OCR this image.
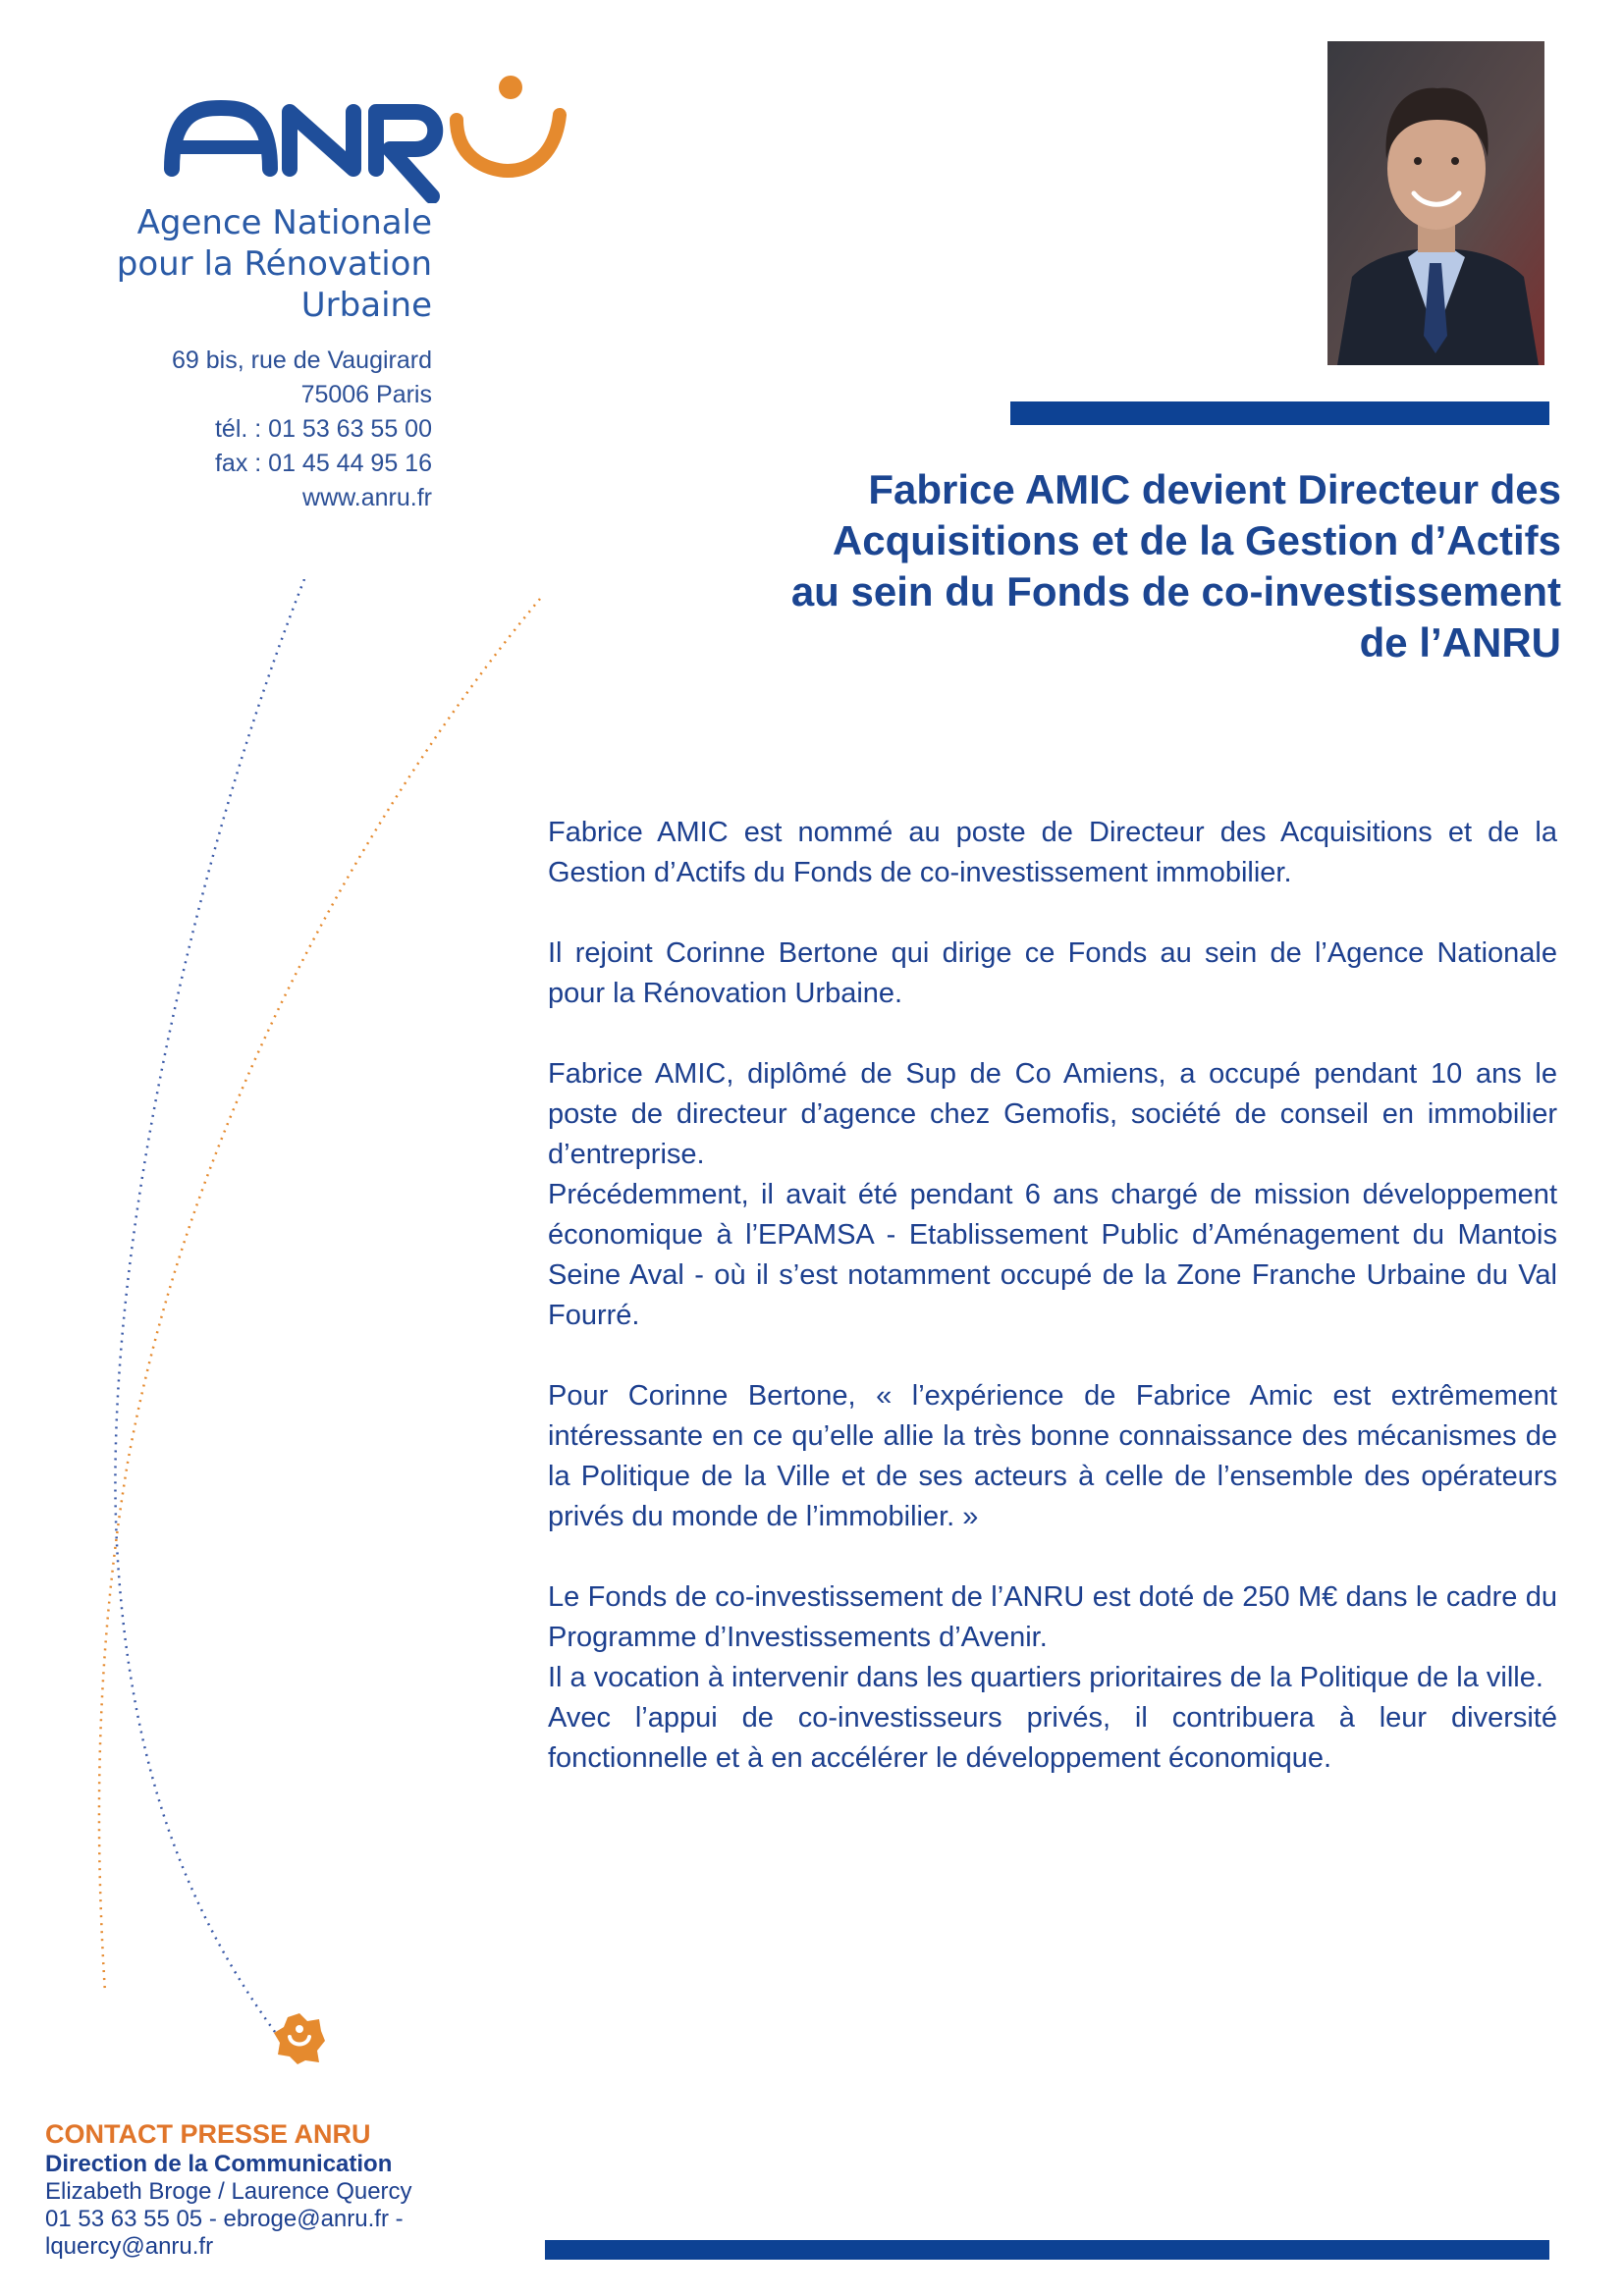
Agence Nationale
pour la Rénovation
Urbaine
69 bis, rue de Vaugirard
75006 Paris
tél. : 01 53 63 55 00
fax : 01 45 44 95 16
www.anru.fr	Fabrice AMIC devient Directeur des
Acquisitions et de la Gestion d’Actifs
au sein du Fonds de co-investissement
de l’ANRU

Fabrice AMIC est nommé au poste de Directeur des Acquisitions et de la Gestion d’Actifs du Fonds de co-investissement immobilier.

Il rejoint Corinne Bertone qui dirige ce Fonds au sein de l’Agence Nationale pour la Rénovation Urbaine.

Fabrice AMIC, diplômé de Sup de Co Amiens, a occupé pendant 10 ans le poste de directeur d’agence chez Gemofis, société de conseil en immobilier d’entreprise.

Précédemment, il avait été pendant 6 ans chargé de mission développement économique à l’EPAMSA - Etablissement Public d’Aménagement du Mantois Seine Aval - où il s’est notamment occupé de la Zone Franche Urbaine du Val Fourré.

Pour Corinne Bertone, « l’expérience de Fabrice Amic est extrêmement intéressante en ce qu’elle allie la très bonne connaissance des mécanismes de la Politique de la Ville et de ses acteurs à celle de l’ensemble des opérateurs privés du monde de l’immobilier. »

Le Fonds de co-investissement de l’ANRU est doté de 250 M€ dans le cadre du Programme d’Investissements d’Avenir.

Il a vocation à intervenir dans les quartiers prioritaires de la Politique de la ville.

Avec l’appui de co-investisseurs privés, il contribuera à leur diversité fonctionnelle et à en accélérer le développement économique.

CONTACT PRESSE ANRU
Direction de la Communication
Elizabeth Broge / Laurence Quercy
01 53 63 55 05 - ebroge@anru.fr -
lquercy@anru.fr
